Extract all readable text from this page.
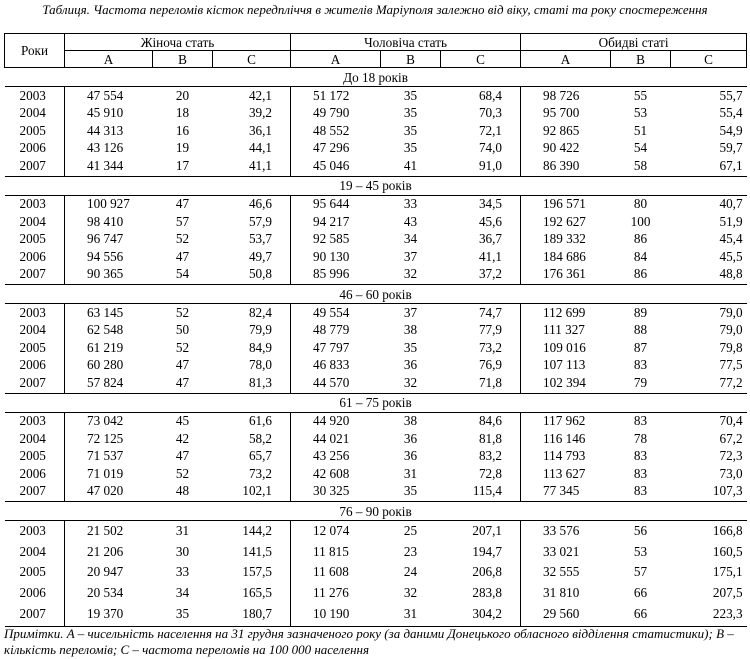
Таблиця. Частота переломів кісток передпліччя в жителів Маріуполя залежно від віку, статі та року спостереження
Роки	Жіноча стать			Чоловіча стать			Обидві статі		
	A	B	C	A	B	C	A	B	C
До 18 років									
2003	47 554	20	42,1	51 172	35	68,4	98 726	55	55,7
2004	45 910	18	39,2	49 790	35	70,3	95 700	53	55,4
2005	44 313	16	36,1	48 552	35	72,1	92 865	51	54,9
2006	43 126	19	44,1	47 296	35	74,0	90 422	54	59,7
2007	41 344	17	41,1	45 046	41	91,0	86 390	58	67,1
19 – 45 років									
2003	100 927	47	46,6	95 644	33	34,5	196 571	80	40,7
2004	98 410	57	57,9	94 217	43	45,6	192 627	100	51,9
2005	96 747	52	53,7	92 585	34	36,7	189 332	86	45,4
2006	94 556	47	49,7	90 130	37	41,1	184 686	84	45,5
2007	90 365	54	50,8	85 996	32	37,2	176 361	86	48,8
46 – 60 років									
2003	63 145	52	82,4	49 554	37	74,7	112 699	89	79,0
2004	62 548	50	79,9	48 779	38	77,9	111 327	88	79,0
2005	61 219	52	84,9	47 797	35	73,2	109 016	87	79,8
2006	60 280	47	78,0	46 833	36	76,9	107 113	83	77,5
2007	57 824	47	81,3	44 570	32	71,8	102 394	79	77,2
61 – 75 років									
2003	73 042	45	61,6	44 920	38	84,6	117 962	83	70,4
2004	72 125	42	58,2	44 021	36	81,8	116 146	78	67,2
2005	71 537	47	65,7	43 256	36	83,2	114 793	83	72,3
2006	71 019	52	73,2	42 608	31	72,8	113 627	83	73,0
2007	47 020	48	102,1	30 325	35	115,4	77 345	83	107,3
76 – 90 років									
2003	21 502	31	144,2	12 074	25	207,1	33 576	56	166,8
2004	21 206	30	141,5	11 815	23	194,7	33 021	53	160,5
2005	20 947	33	157,5	11 608	24	206,8	32 555	57	175,1
2006	20 534	34	165,5	11 276	32	283,8	31 810	66	207,5
2007	19 370	35	180,7	10 190	31	304,2	29 560	66	223,3
Примітки. A – чисельність населення на 31 грудня зазначеного року (за даними Донецького обласного відділення статистики); B – кількість переломів; C – частота переломів на 100 000 населення
